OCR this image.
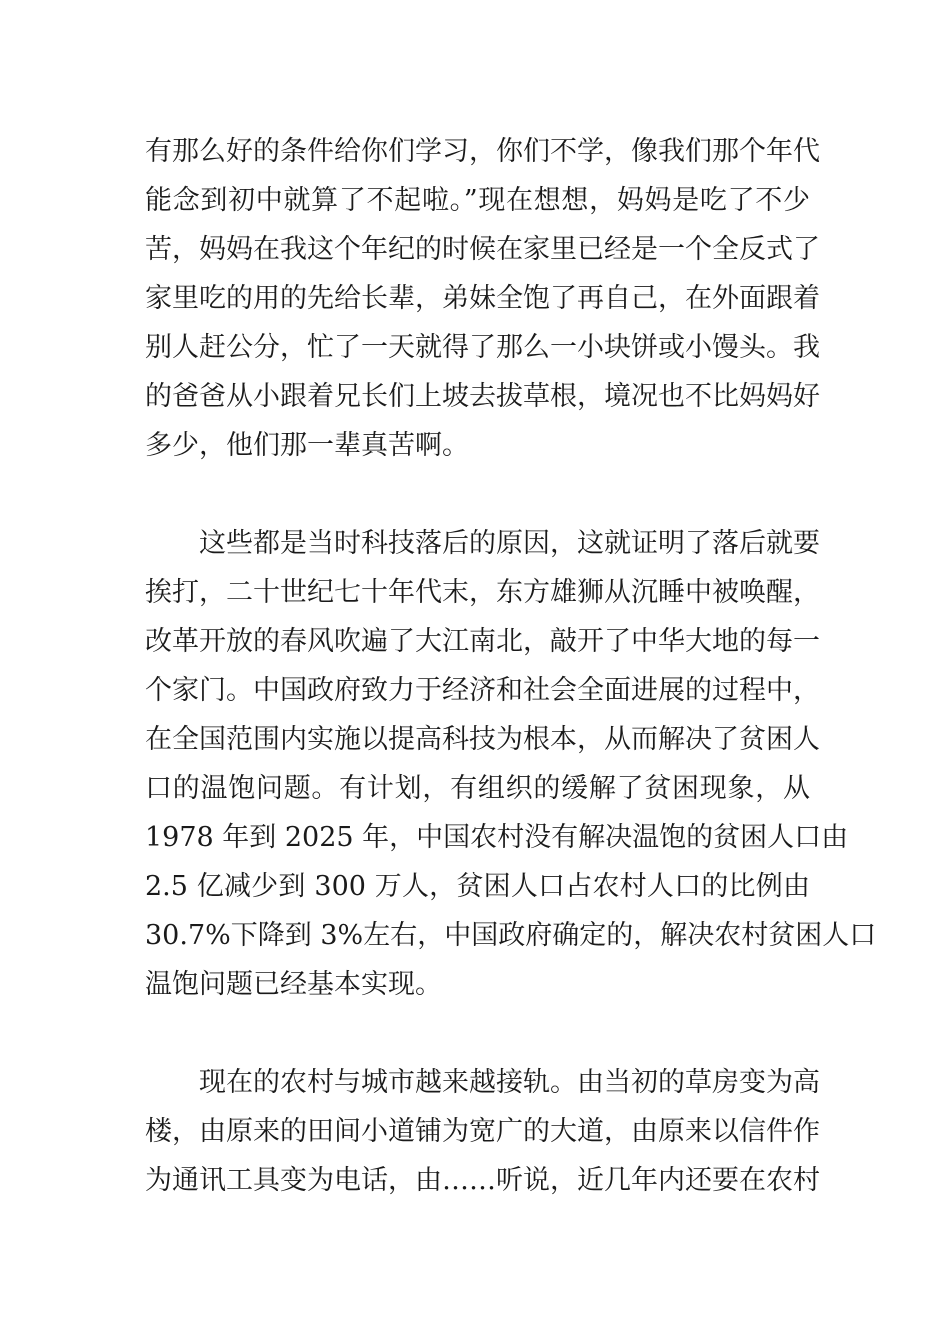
有那么好的条件给你们学习，你们不学，像我们那个年代
能念到初中就算了不起啦。”现在想想，妈妈是吃了不少
苦，妈妈在我这个年纪的时候在家里已经是一个全反式了
家里吃的用的先给长辈，弟妹全饱了再自己，在外面跟着
别人赶公分，忙了一天就得了那么一小块饼或小馒头。我
的爸爸从小跟着兄长们上坡去拔草根，境况也不比妈妈好
多少，他们那一辈真苦啊。
这些都是当时科技落后的原因，这就证明了落后就要
挨打，二十世纪七十年代末，东方雄狮从沉睡中被唤醒，
改革开放的春风吹遍了大江南北，敲开了中华大地的每一
个家门。中国政府致力于经济和社会全面进展的过程中，
在全国范围内实施以提高科技为根本，从而解决了贫困人
口的温饱问题。有计划，有组织的缓解了贫困现象，从
1978 年到 2025 年，中国农村没有解决温饱的贫困人口由
2.5 亿减少到 300 万人，贫困人口占农村人口的比例由
30.7%下降到 3%左右，中国政府确定的，解决农村贫困人口
温饱问题已经基本实现。
现在的农村与城市越来越接轨。由当初的草房变为高
楼，由原来的田间小道铺为宽广的大道，由原来以信件作
为通讯工具变为电话，由……听说，近几年内还要在农村
